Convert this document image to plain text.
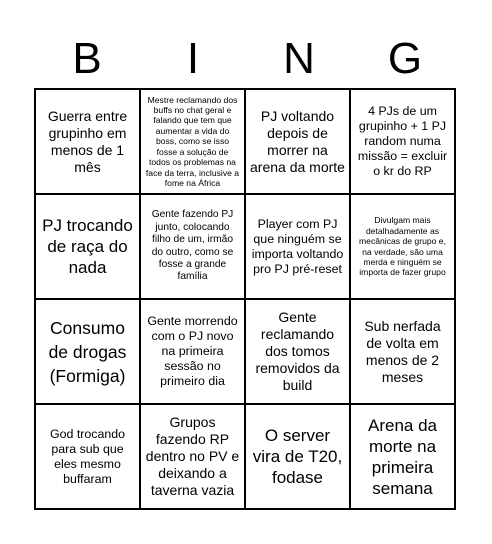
B	I	N	G
Guerra entre grupinho em menos de 1 mês
Mestre reclamando dos buffs no chat geral e falando que tem que aumentar a vida do boss, como se isso fosse a solução de todos os problemas na face da terra, inclusive a fome na África
PJ voltando depois de morrer na arena da morte
4 PJs de um grupinho + 1 PJ random numa missão = excluir o kr do RP
PJ trocando de raça do nada
Gente fazendo PJ junto, colocando filho de um, irmão do outro, como se fosse a grande família
Player com PJ que ninguém se importa voltando pro PJ pré-reset
Divulgam mais detalhadamente as mecânicas de grupo e, na verdade, são uma merda e ninguém se importa de fazer grupo
Consumo de drogas (Formiga)
Gente morrendo com o PJ novo na primeira sessão no primeiro dia
Gente reclamando dos tomos removidos da build
Sub nerfada de volta em menos de 2 meses
God trocando para sub que eles mesmo buffaram
Grupos fazendo RP dentro no PV e deixando a taverna vazia
O server vira de T20, fodase
Arena da morte na primeira semana
